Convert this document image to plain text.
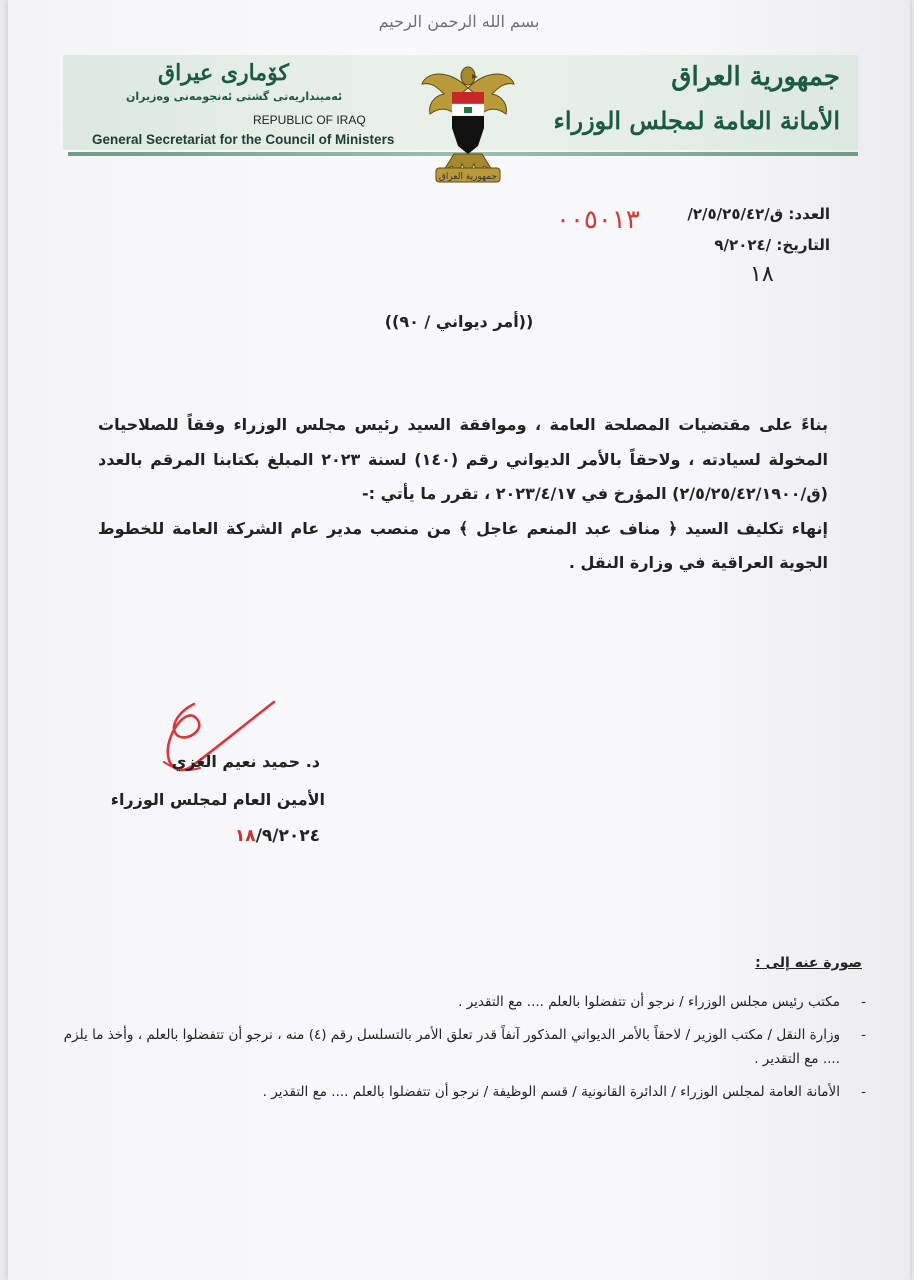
بسم الله الرحمن الرحيم
جمهورية العراق
الأمانة العامة لمجلس الوزراء
كۆماری عیراق
ئەمینداریەتی گشتی ئەنجومەنی وەزیران
REPUBLIC OF IRAQ
General Secretariat for the Council of Ministers
جمهورية العراق
العدد: ق/٢/٥/٢٥/٤٢/
التاريخ: /٩/٢٠٢٤
٠٠٥٠١٣
١٨
((أمر ديواني / ٩٠))

بناءً على مقتضيات المصلحة العامة ، وموافقة السيد رئيس مجلس الوزراء وفقاً للصلاحيات المخولة لسيادته ، ولاحقاً بالأمر الديواني رقم (١٤٠) لسنة ٢٠٢٣ المبلغ بكتابنا المرقم بالعدد (ق/٢/٥/٢٥/٤٢/١٩٠٠) المؤرخ في ٢٠٢٣/٤/١٧ ، تقرر ما يأتي :-

إنهاء تكليف السيد ﴿ مناف عبد المنعم عاجل ﴾ من منصب مدير عام الشركة العامة للخطوط الجوية العراقية في وزارة النقل .

د. حميد نعيم الغزي
الأمين العام لمجلس الوزراء
١٨/٩/٢٠٢٤
صورة عنه إلى :
-
مكتب رئيس مجلس الوزراء / نرجو أن تتفضلوا بالعلم .... مع التقدير .
-
وزارة النقل / مكتب الوزير / لاحقاً بالأمر الديواني المذكور آنفاً قدر تعلق الأمر بالتسلسل رقم (٤) منه ، نرجو أن تتفضلوا بالعلم ، وأخذ ما يلزم .... مع التقدير .
-
الأمانة العامة لمجلس الوزراء / الدائرة القانونية / قسم الوظيفة / نرجو أن تتفضلوا بالعلم .... مع التقدير .
